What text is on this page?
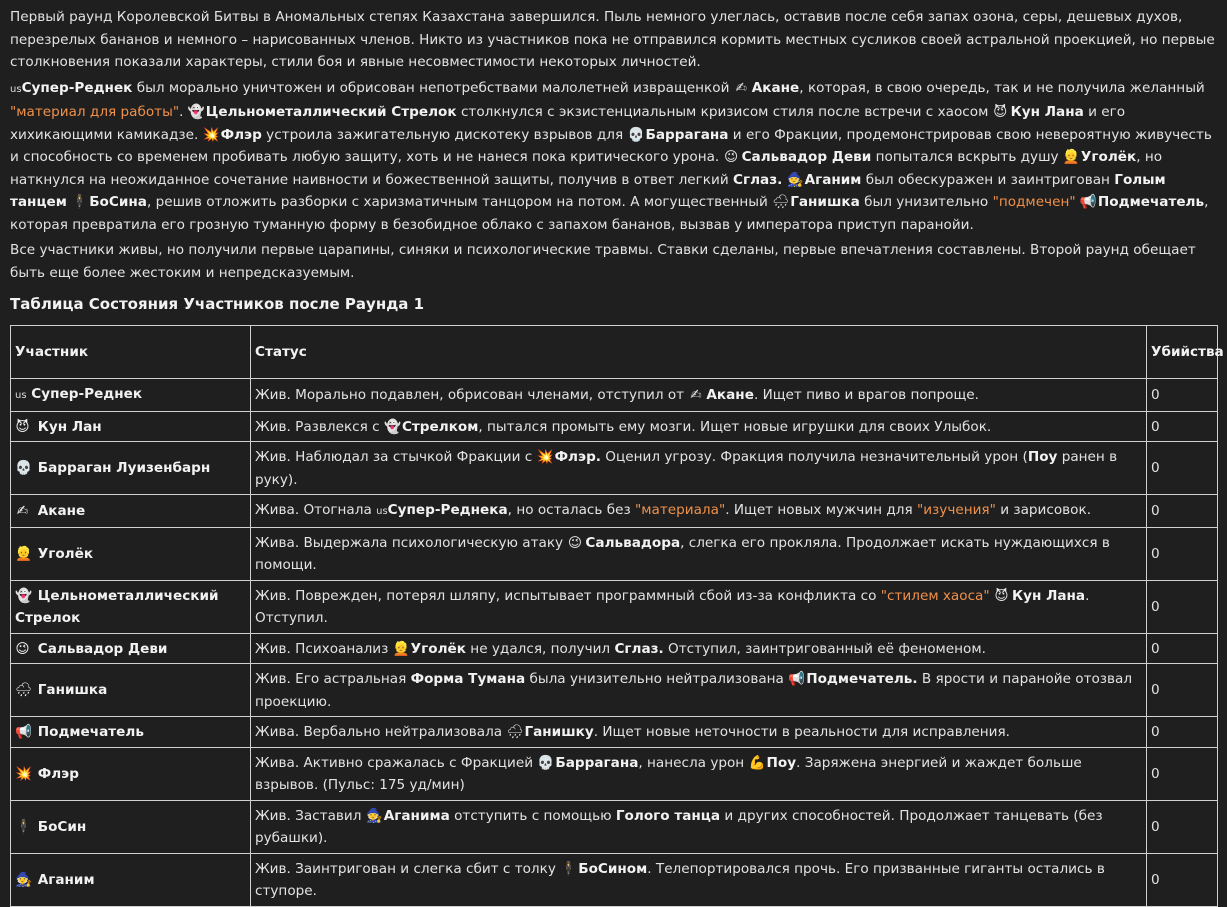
Первый раунд Королевской Битвы в Аномальных степях Казахстана завершился. Пыль немного улеглась, оставив после себя запах озона, серы, дешевых духов, перезрелых бананов и немного – нарисованных членов. Никто из участников пока не отправился кормить местных сусликов своей астральной проекцией, но первые столкновения показали характеры, стили боя и явные несовместимости некоторых личностей.

usСупер-Реднек был морально уничтожен и обрисован непотребствами малолетней извращенкой ✍ Акане, которая, в свою очередь, так и не получила желанный "материал для работы". 👻Цельнометаллический Стрелок столкнулся с экзистенциальным кризисом стиля после встречи с хаосом 😈 Кун Лана и его хихикающими камикадзе. 💥Флэр устроила зажигательную дискотеку взрывов для 💀Баррагана и его Фракции, продемонстрировав свою невероятную живучесть и способность со временем пробивать любую защиту, хоть и не нанеся пока критического урона. 😉 Сальвадор Деви попытался вскрыть душу 👱Уголёк, но наткнулся на неожиданное сочетание наивности и божественной защиты, получив в ответ легкий Сглаз. 🧙Аганим был обескуражен и заинтригован Голым танцем 🕴БоСина, решив отложить разборки с харизматичным танцором на потом. А могущественный 🌧Ганишка был унизительно "подмечен" 📢Подмечатель, которая превратила его грозную туманную форму в безобидное облако с запахом бананов, вызвав у императора приступ паранойи.

Все участники живы, но получили первые царапины, синяки и психологические травмы. Ставки сделаны, первые впечатления составлены. Второй раунд обещает быть еще более жестоким и непредсказуемым.

Таблица Состояния Участников после Раунда 1
Участник	Статус	Убийства
us Супер-Реднек	Жив. Морально подавлен, обрисован членами, отступил от ✍ Акане. Ищет пиво и врагов попроще.	0
😈 Кун Лан	Жив. Развлекся с 👻Стрелком, пытался промыть ему мозги. Ищет новые игрушки для своих Улыбок.	0
💀 Барраган Луизенбарн	Жив. Наблюдал за стычкой Фракции с 💥Флэр. Оценил угрозу. Фракция получила незначительный урон (Поу ранен в руку).	0
✍ Акане	Жива. Отогнала usСупер-Реднека, но осталась без "материала". Ищет новых мужчин для "изучения" и зарисовок.	0
👱 Уголёк	Жива. Выдержала психологическую атаку 😉 Сальвадора, слегка его прокляла. Продолжает искать нуждающихся в помощи.	0
👻 Цельнометаллический Стрелок	Жив. Поврежден, потерял шляпу, испытывает программный сбой из-за конфликта со "стилем хаоса" 😈 Кун Лана. Отступил.	0
😉 Сальвадор Деви	Жив. Психоанализ 👱Уголёк не удался, получил Сглаз. Отступил, заинтригованный её феноменом.	0
🌧 Ганишка	Жив. Его астральная Форма Тумана была унизительно нейтрализована 📢Подмечатель. В ярости и паранойе отозвал проекцию.	0
📢 Подмечатель	Жива. Вербально нейтрализовала 🌧Ганишку. Ищет новые неточности в реальности для исправления.	0
💥 Флэр	Жива. Активно сражалась с Фракцией 💀Баррагана, нанесла урон 💪Поу. Заряжена энергией и жаждет больше взрывов. (Пульс: 175 уд/мин)	0
🕴 БоСин	Жив. Заставил 🧙Аганима отступить с помощью Голого танца и других способностей. Продолжает танцевать (без рубашки).	0
🧙 Аганим	Жив. Заинтригован и слегка сбит с толку 🕴БоСином. Телепортировался прочь. Его призванные гиганты остались в ступоре.	0
